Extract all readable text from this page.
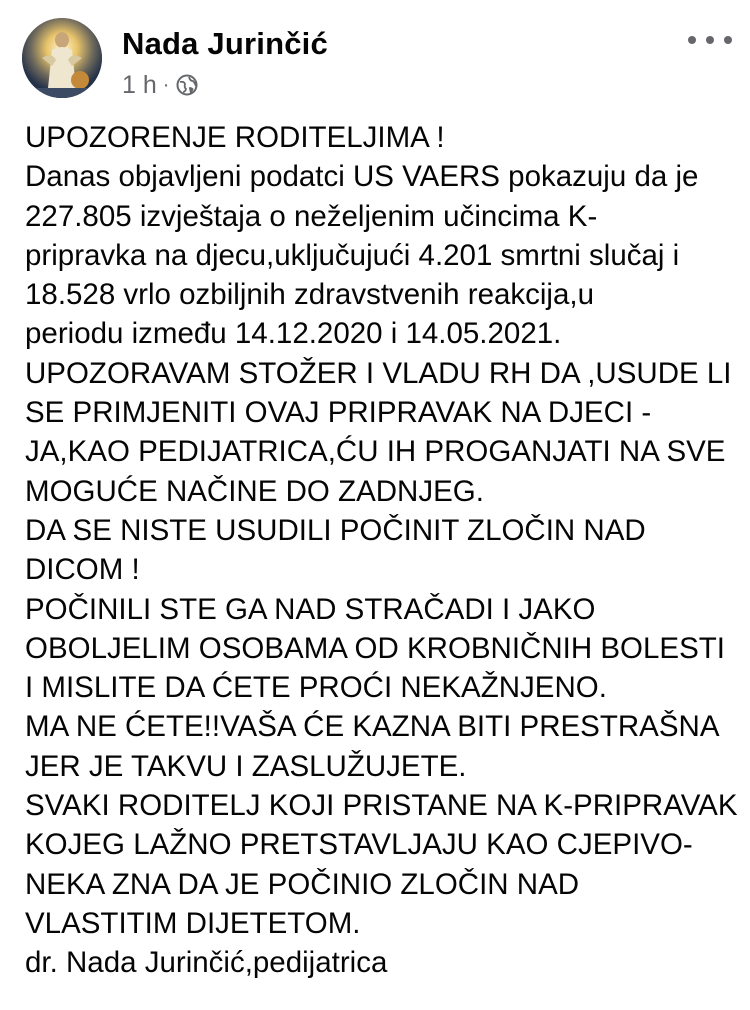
Nada Jurinčić
1 h ·
UPOZORENJE RODITELJIMA !
Danas objavljeni podatci US VAERS pokazuju da je
227.805 izvještaja o neželjenim učincima K-
pripravka na djecu,uključujući 4.201 smrtni slučaj i
18.528 vrlo ozbiljnih zdravstvenih reakcija,u
periodu između 14.12.2020 i 14.05.2021.
UPOZORAVAM STOŽER I VLADU RH DA ,USUDE LI
SE PRIMJENITI OVAJ PRIPRAVAK NA DJECI -
JA,KAO PEDIJATRICA,ĆU IH PROGANJATI NA SVE
MOGUĆE NAČINE DO ZADNJEG.
DA SE NISTE USUDILI POČINIT ZLOČIN NAD
DICOM !
POČINILI STE GA NAD STRAČADI I JAKO
OBOLJELIM OSOBAMA OD KROBNIČNIH BOLESTI
I MISLITE DA ĆETE PROĆI NEKAŽNJENO.
MA NE ĆETE!!VAŠA ĆE KAZNA BITI PRESTRAŠNA
JER JE TAKVU I ZASLUŽUJETE.
SVAKI RODITELJ KOJI PRISTANE NA K-PRIPRAVAK
KOJEG LAŽNO PRETSTAVLJAJU KAO CJEPIVO-
NEKA ZNA DA JE POČINIO ZLOČIN NAD
VLASTITIM DIJETETOM.
dr. Nada Jurinčić,pedijatrica
